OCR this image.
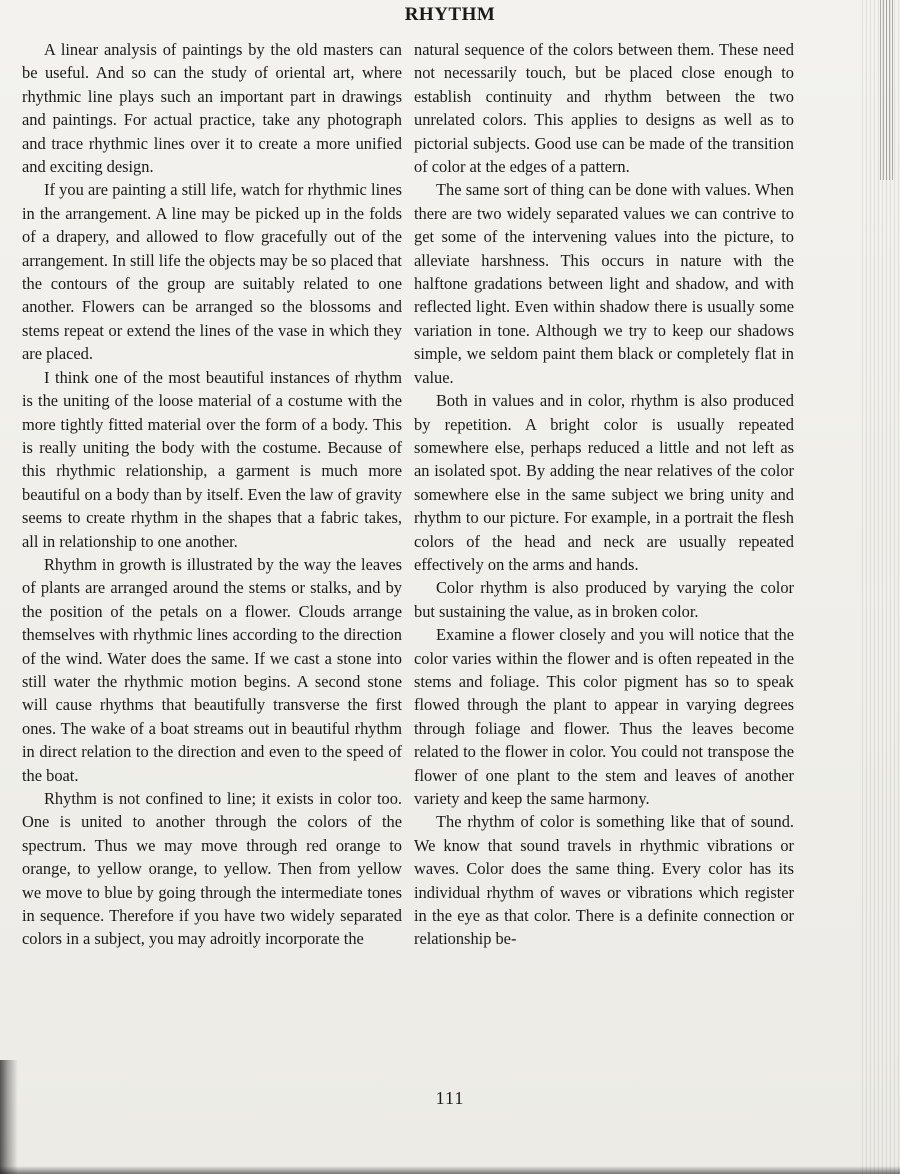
RHYTHM

A linear analysis of paintings by the old masters can be useful. And so can the study of oriental art, where rhythmic line plays such an important part in drawings and paintings. For actual practice, take any photograph and trace rhythmic lines over it to create a more unified and exciting design.

If you are painting a still life, watch for rhythmic lines in the arrangement. A line may be picked up in the folds of a drapery, and allowed to flow gracefully out of the arrangement. In still life the objects may be so placed that the contours of the group are suitably related to one another. Flowers can be arranged so the blossoms and stems repeat or extend the lines of the vase in which they are placed.

I think one of the most beautiful instances of rhythm is the uniting of the loose material of a costume with the more tightly fitted material over the form of a body. This is really uniting the body with the costume. Because of this rhythmic relationship, a garment is much more beautiful on a body than by itself. Even the law of gravity seems to create rhythm in the shapes that a fabric takes, all in relationship to one another.

Rhythm in growth is illustrated by the way the leaves of plants are arranged around the stems or stalks, and by the position of the petals on a flower. Clouds arrange themselves with rhythmic lines according to the direction of the wind. Water does the same. If we cast a stone into still water the rhythmic motion begins. A second stone will cause rhythms that beautifully transverse the first ones. The wake of a boat streams out in beautiful rhythm in direct relation to the direction and even to the speed of the boat.

Rhythm is not confined to line; it exists in color too. One is united to another through the colors of the spectrum. Thus we may move through red orange to orange, to yellow orange, to yellow. Then from yellow we move to blue by going through the intermediate tones in sequence. Therefore if you have two widely separated colors in a subject, you may adroitly incorporate the

natural sequence of the colors between them. These need not necessarily touch, but be placed close enough to establish continuity and rhythm between the two unrelated colors. This applies to designs as well as to pictorial subjects. Good use can be made of the transition of color at the edges of a pattern.

The same sort of thing can be done with values. When there are two widely separated values we can contrive to get some of the intervening values into the picture, to alleviate harshness. This occurs in nature with the halftone gradations between light and shadow, and with reflected light. Even within shadow there is usually some variation in tone. Although we try to keep our shadows simple, we seldom paint them black or completely flat in value.

Both in values and in color, rhythm is also produced by repetition. A bright color is usually repeated somewhere else, perhaps reduced a little and not left as an isolated spot. By adding the near relatives of the color somewhere else in the same subject we bring unity and rhythm to our picture. For example, in a portrait the flesh colors of the head and neck are usually repeated effectively on the arms and hands.

Color rhythm is also produced by varying the color but sustaining the value, as in broken color.

Examine a flower closely and you will notice that the color varies within the flower and is often repeated in the stems and foliage. This color pigment has so to speak flowed through the plant to appear in varying degrees through foliage and flower. Thus the leaves become related to the flower in color. You could not transpose the flower of one plant to the stem and leaves of another variety and keep the same harmony.

The rhythm of color is something like that of sound. We know that sound travels in rhythmic vibrations or waves. Color does the same thing. Every color has its individual rhythm of waves or vibrations which register in the eye as that color. There is a definite connection or relationship be-

111
